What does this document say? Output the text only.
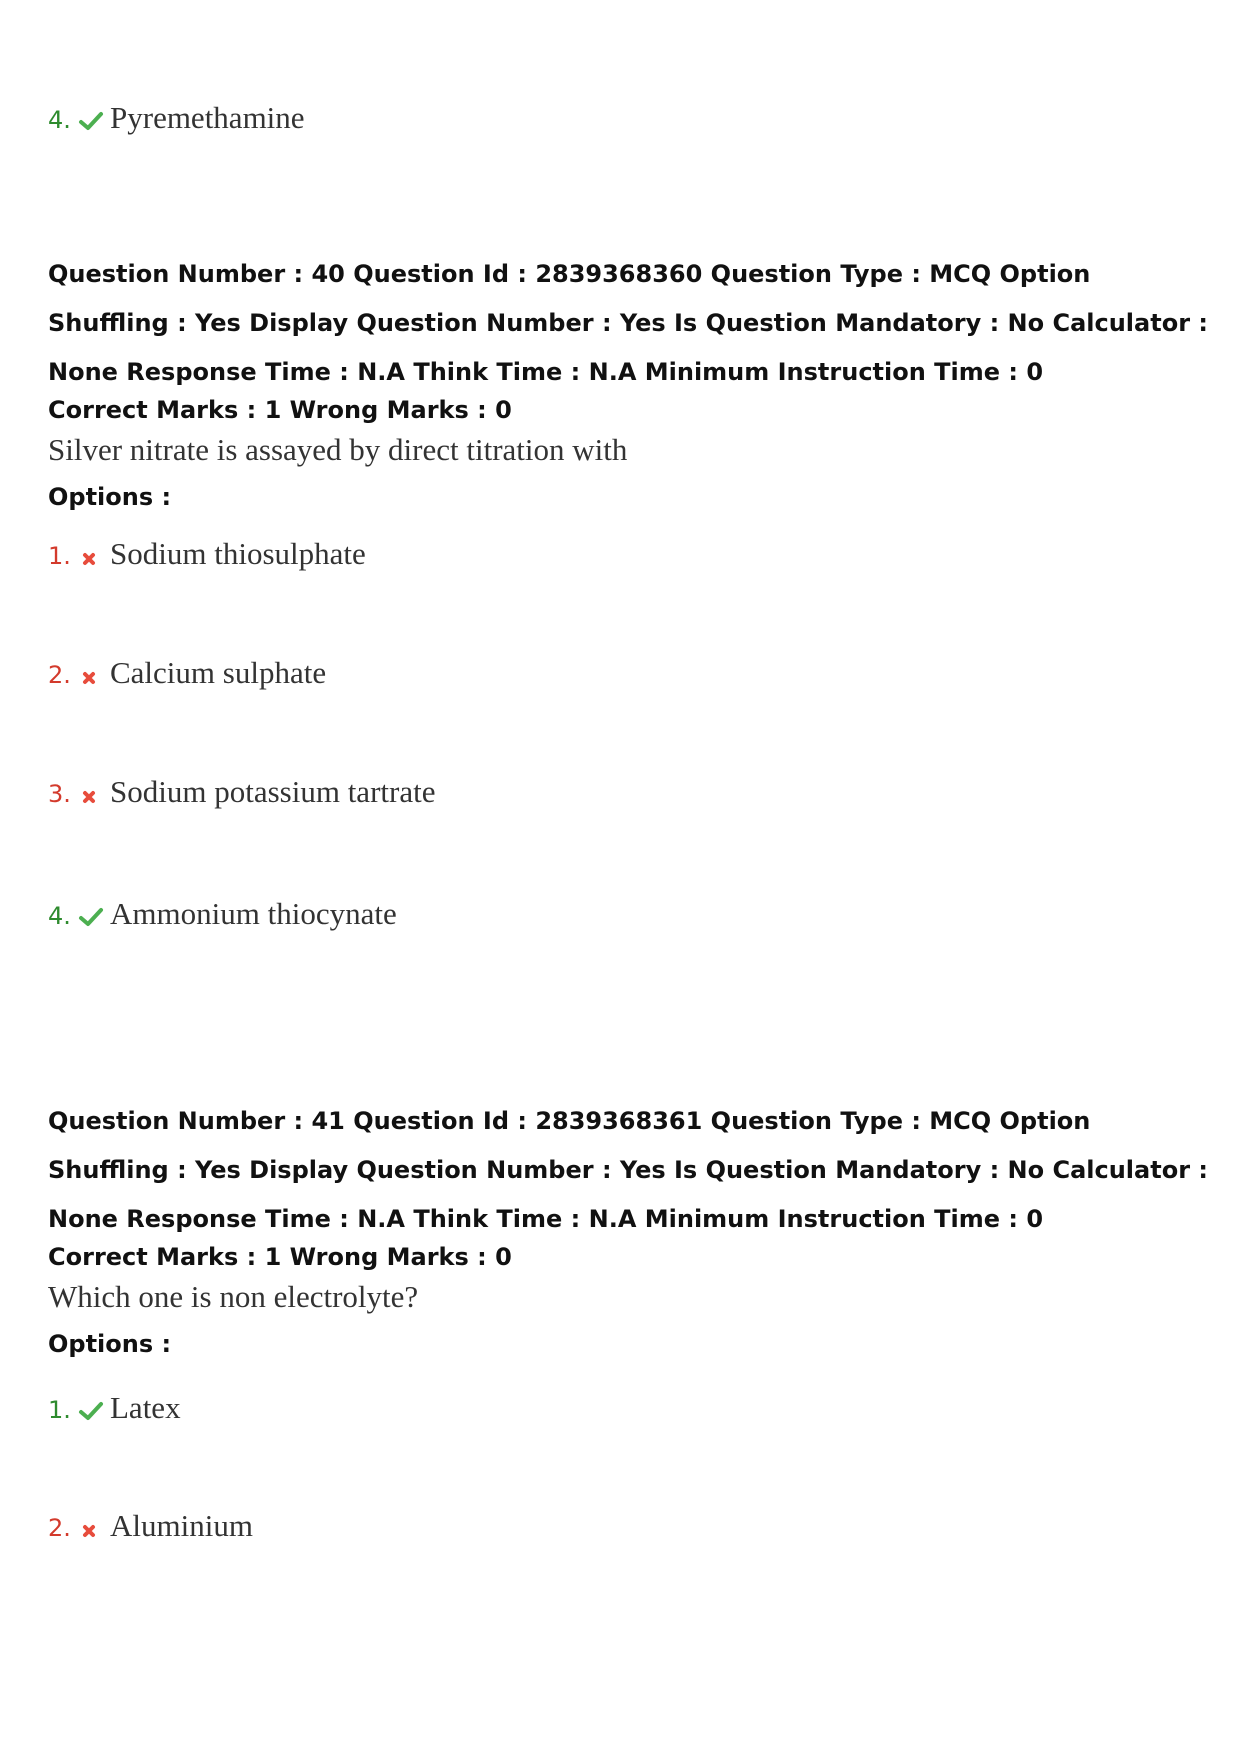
4. Pyremethamine

Question Number : 40 Question Id : 2839368360 Question Type : MCQ Option Shuffling : Yes Display Question Number : Yes Is Question Mandatory : No Calculator : None Response Time : N.A Think Time : N.A Minimum Instruction Time : 0

Correct Marks : 1 Wrong Marks : 0

Silver nitrate is assayed by direct titration with

Options :

1. Sodium thiosulphate
2. Calcium sulphate
3. Sodium potassium tartrate
4. Ammonium thiocynate

Question Number : 41 Question Id : 2839368361 Question Type : MCQ Option Shuffling : Yes Display Question Number : Yes Is Question Mandatory : No Calculator : None Response Time : N.A Think Time : N.A Minimum Instruction Time : 0

Correct Marks : 1 Wrong Marks : 0

Which one is non electrolyte?

Options :

1. Latex
2. Aluminium
